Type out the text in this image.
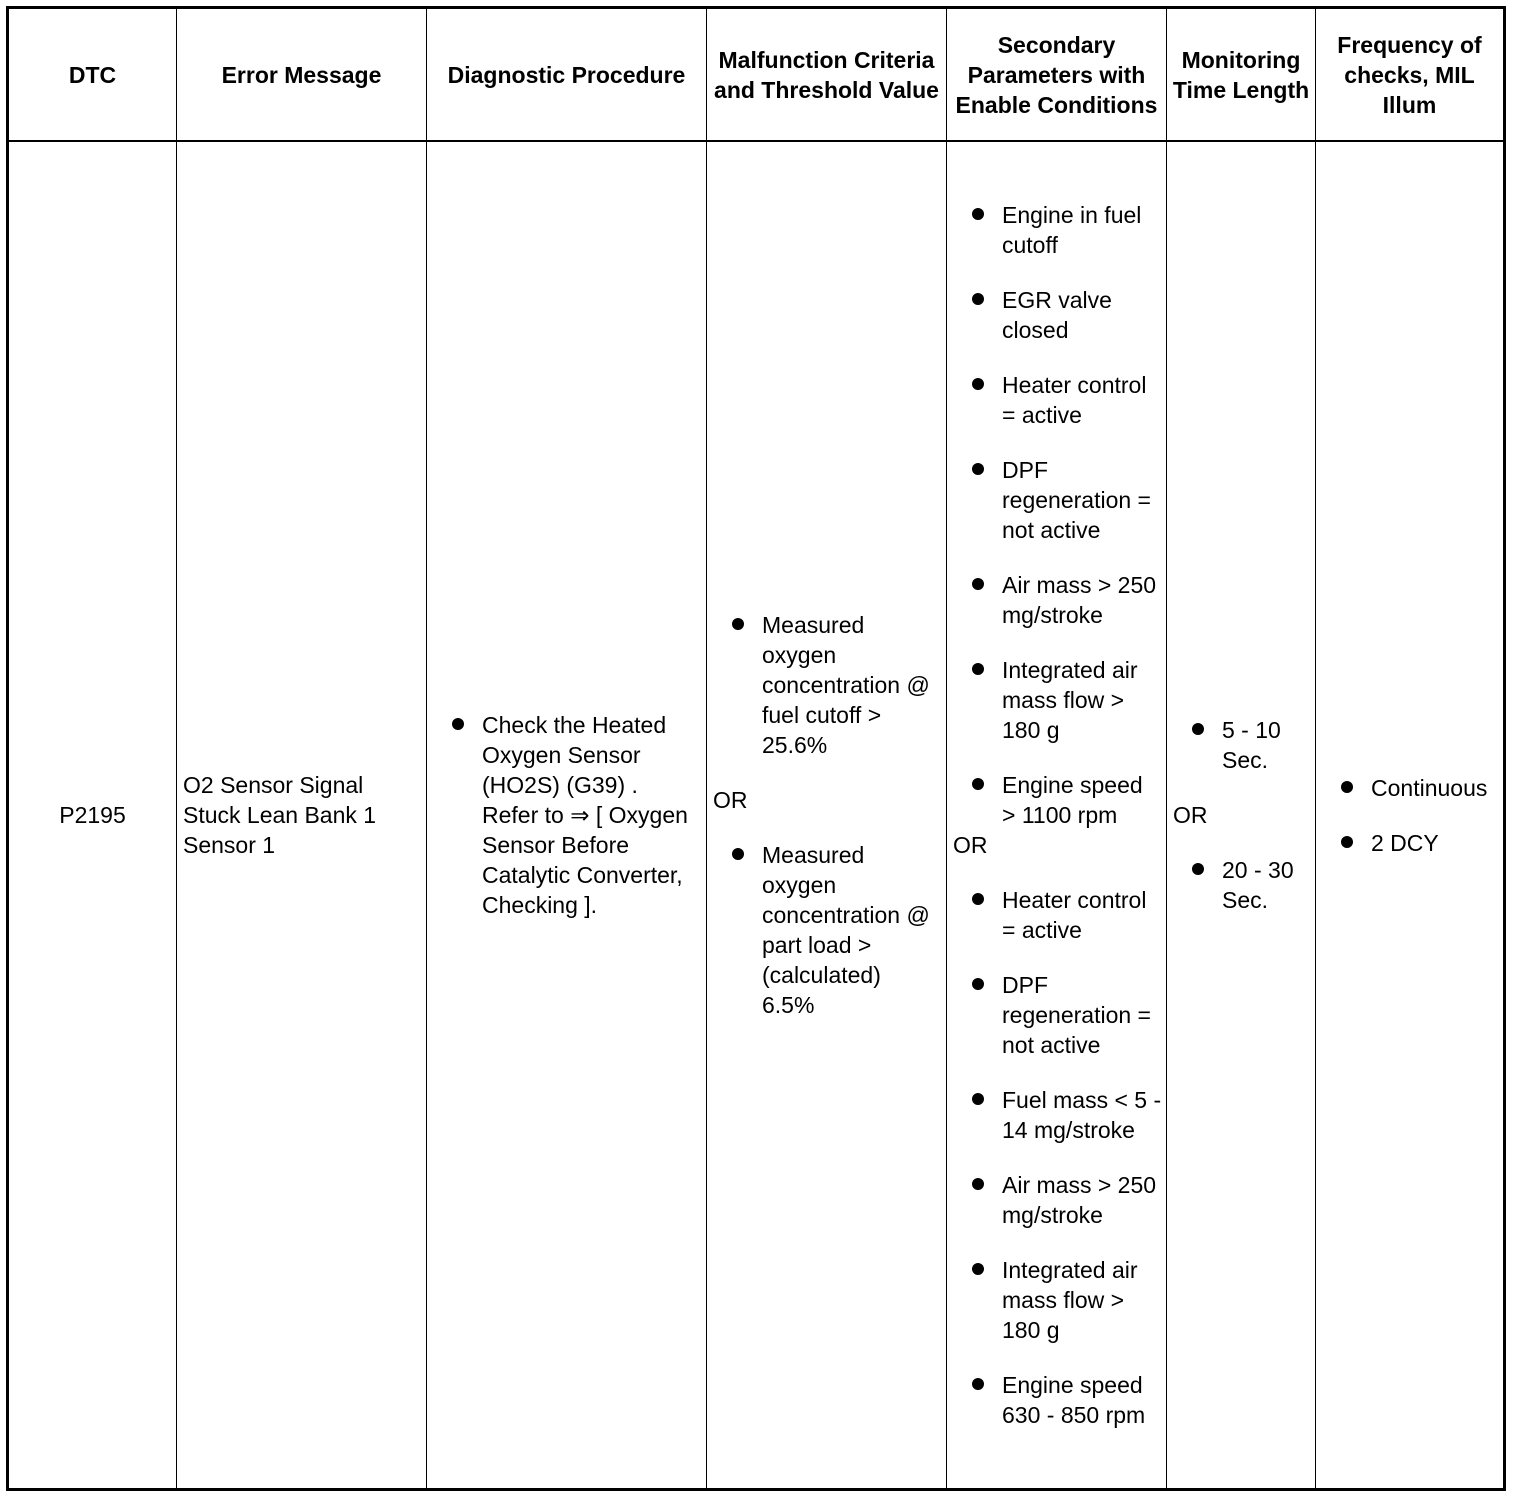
DTC	Error Message	Diagnostic Procedure
Malfunction Criteria and Threshold Value
Secondary Parameters with Enable Conditions
Monitoring Time Length
Frequency of checks, MIL Illum
P2195
O2 Sensor Signal Stuck Lean Bank 1 Sensor 1
Check the Heated Oxygen Sensor (HO2S) (G39) . Refer to ⇒ [ Oxygen Sensor Before Catalytic Converter, Checking ].
Measured oxygen concentration @ fuel cutoff > 25.6%
OR
Measured oxygen concentration @ part load > (calculated) 6.5%
Engine in fuel cutoff
EGR valve closed
Heater control = active
DPF regeneration = not active
Air mass > 250 mg/stroke
Integrated air mass flow > 180 g
Engine speed > 1100 rpm
OR
Heater control = active
DPF regeneration = not active
Fuel mass < 5 - 14 mg/stroke
Air mass > 250 mg/stroke
Integrated air mass flow > 180 g
Engine speed 630 - 850 rpm
5 - 10 Sec.
OR
20 - 30 Sec.
Continuous
2 DCY
